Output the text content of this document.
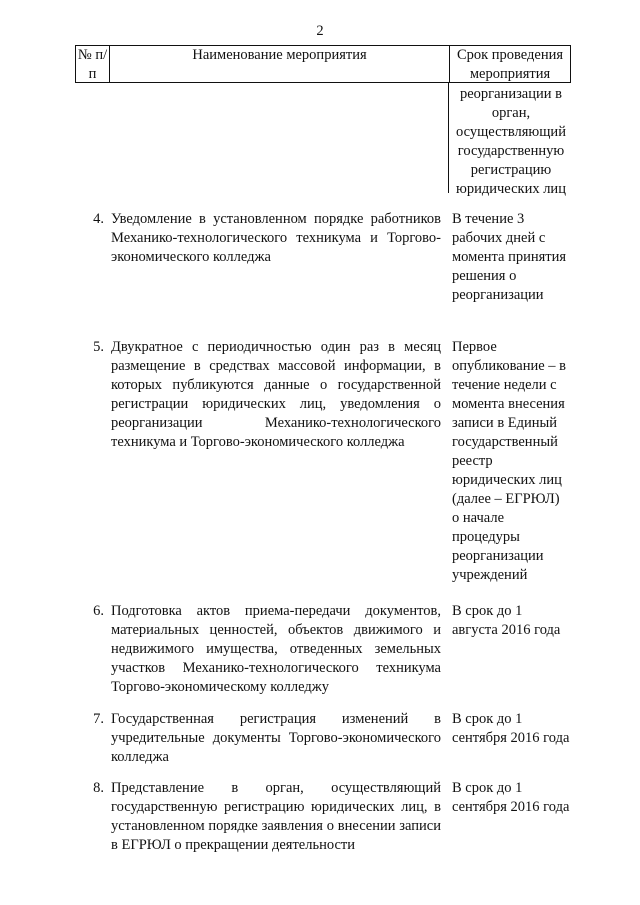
2
№ п/п
Наименование мероприятия	Срок проведения мероприятия
реорганизации в орган, осуществляющий государственную регистрацию юридических лиц
4. Уведомление в установленном порядке работников Механико-технологического техникума и Торгово-экономического колледжа
В течение 3 рабочих дней с момента принятия решения о реорганизации
5. Двукратное с периодичностью один раз в месяц размещение в средствах массовой информации, в которых публикуются данные о государственной регистрации юридических лиц, уведомления о реорганизации Механико-технологического техникума и Торгово-экономического колледжа
Первое опубликование – в течение недели с момента внесения записи в Единый государственный реестр юридических лиц (далее – ЕГРЮЛ) о начале процедуры реорганизации учреждений
6. Подготовка актов приема-передачи документов, материальных ценностей, объектов движимого и недвижимого имущества, отведенных земельных участков Механико-технологического техникума Торгово-экономическому колледжу
В срок до 1 августа 2016 года
7. Государственная регистрация изменений в учредительные документы Торгово-экономического колледжа
В срок до 1 сентября 2016 года
8. Представление в орган, осуществляющий государственную регистрацию юридических лиц, в установленном порядке заявления о внесении записи в ЕГРЮЛ о прекращении деятельности
В срок до 1 сентября 2016 года
